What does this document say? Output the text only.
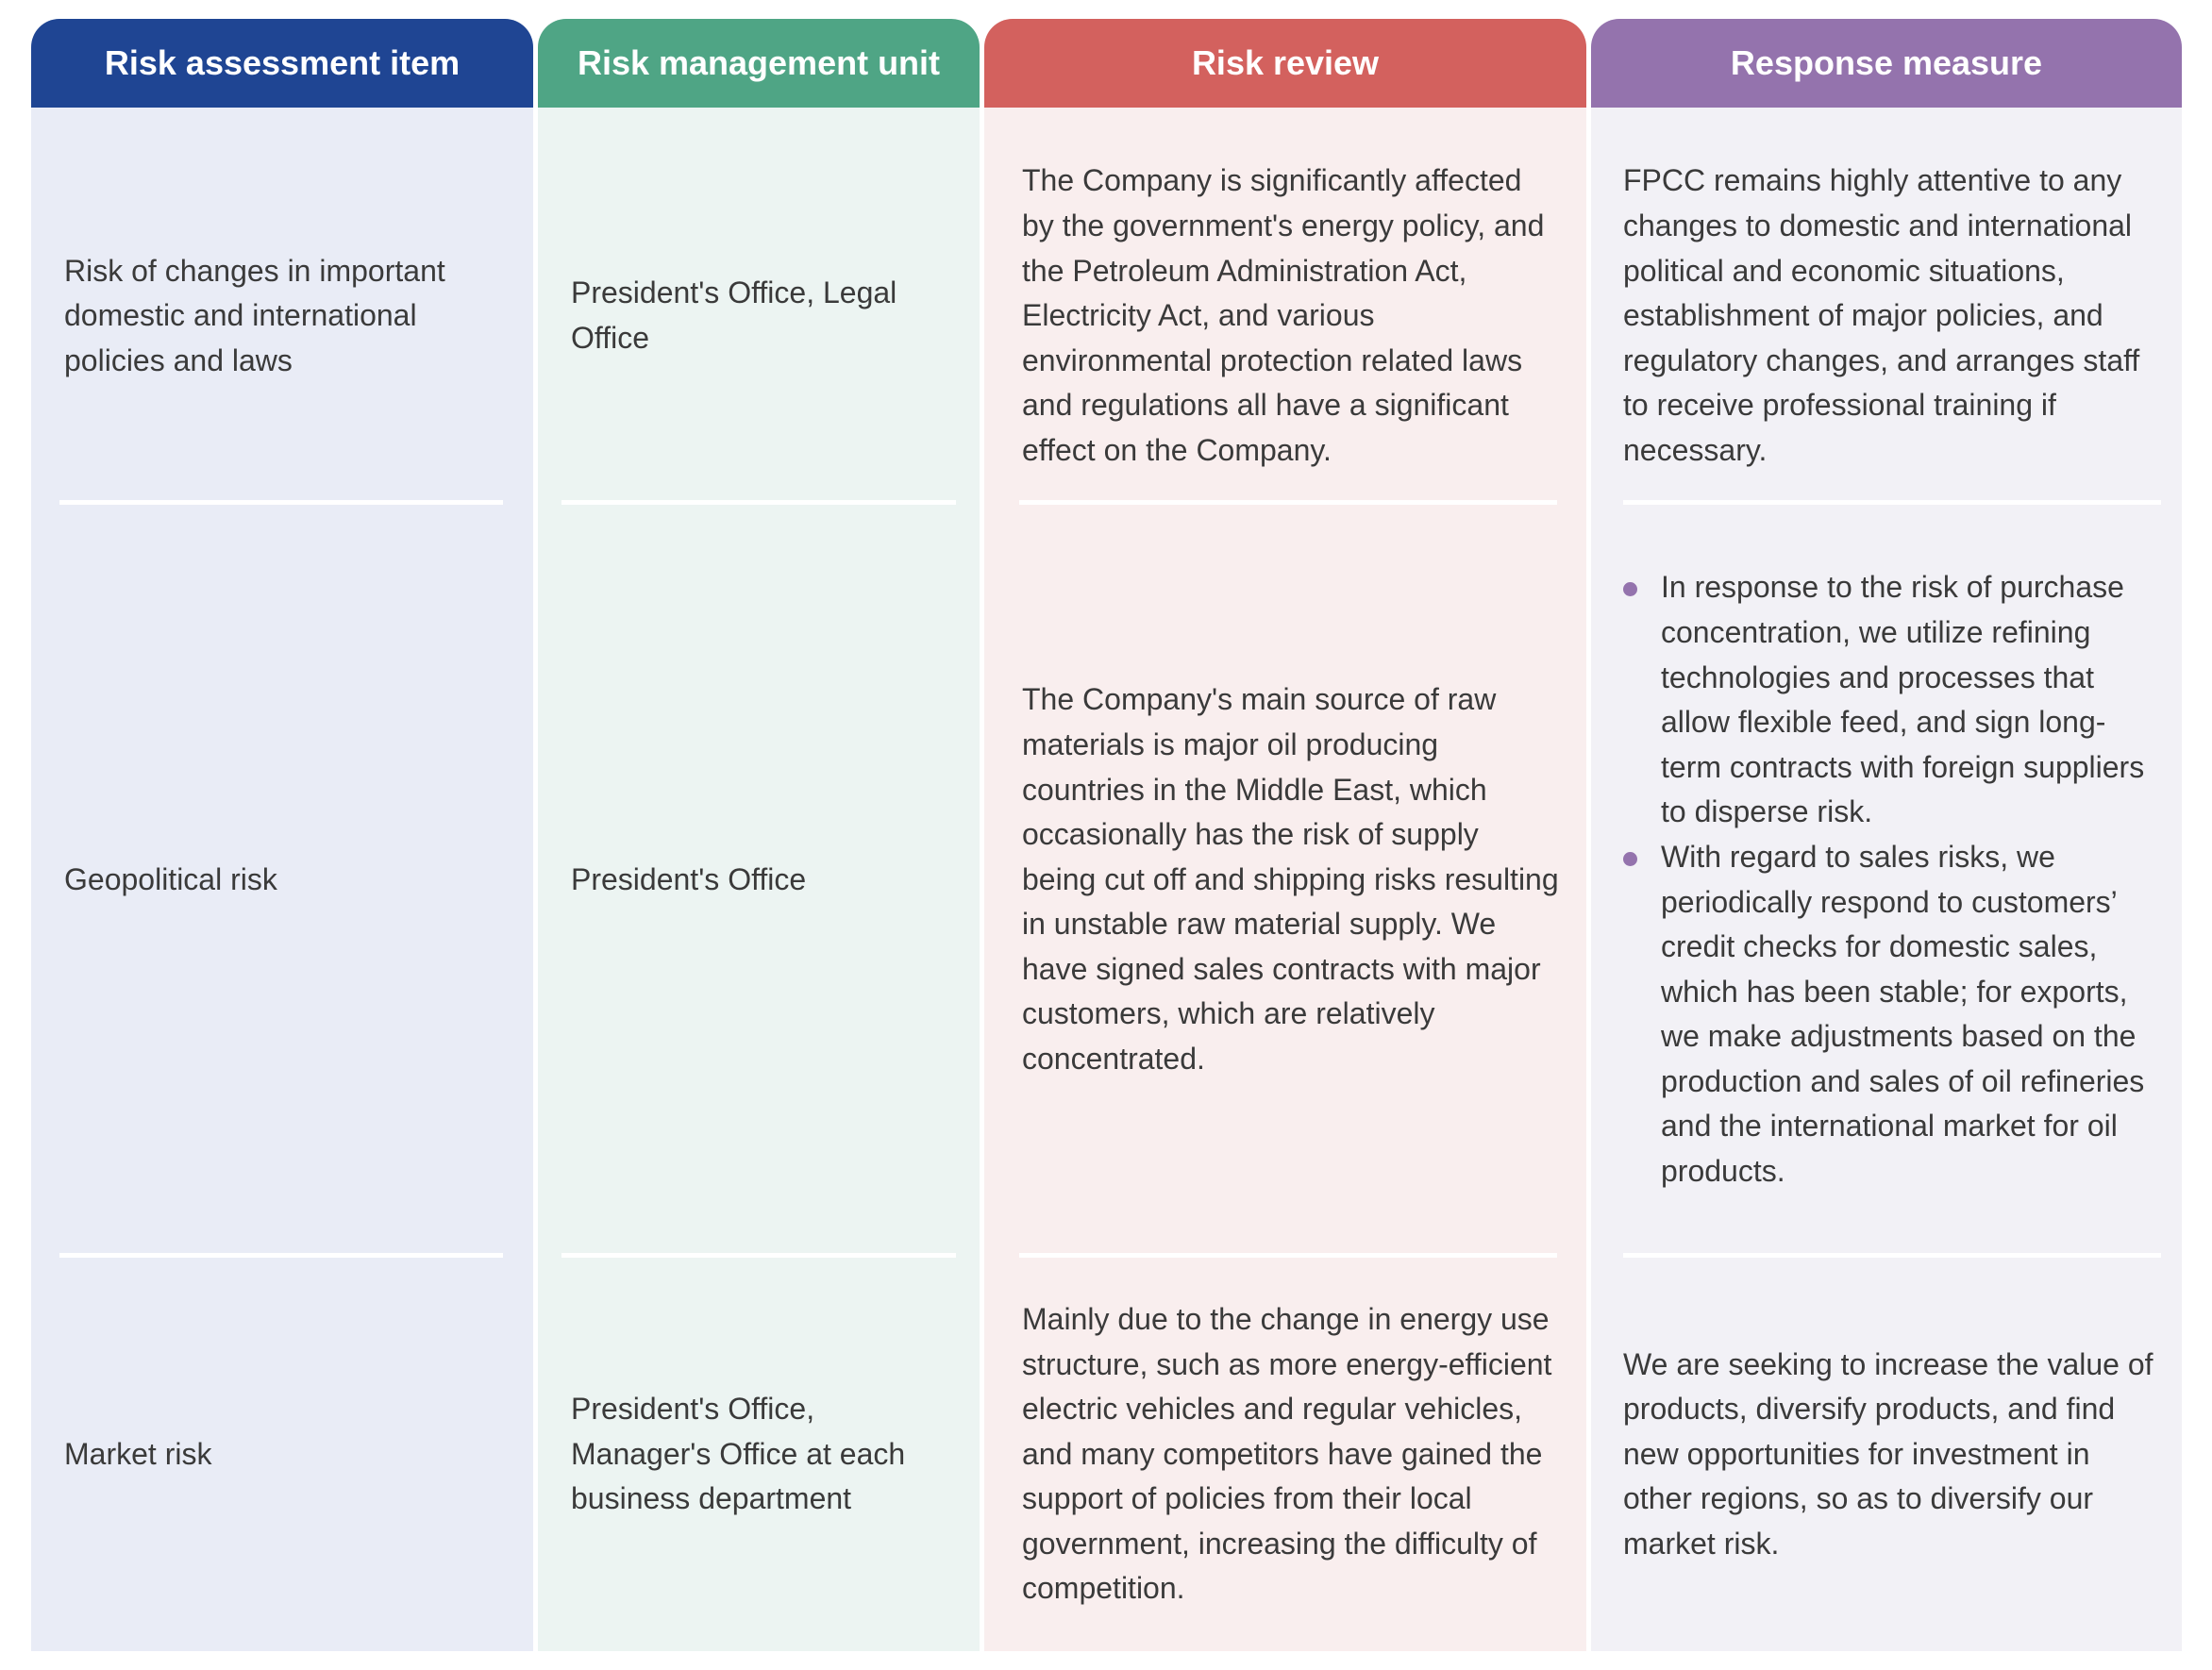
Risk assessment item
Risk of changes in important domestic and international policies and laws
Geopolitical risk
Market risk
Risk management unit
President's Office, Legal Office
President's Office
President's Office, Manager's Office at each business department
Risk review
The Company is significantly affected by the government's energy policy, and the Petroleum Administration Act, Electricity Act, and various environmental protection related laws and regulations all have a significant effect on the Company.
The Company's main source of raw materials is major oil producing countries in the Middle East, which occasionally has the risk of supply being cut off and shipping risks resulting in unstable raw material supply. We have signed sales contracts with major customers, which are relatively concentrated.
Mainly due to the change in energy use structure, such as more energy-efficient electric vehicles and regular vehicles, and many competitors have gained the support of policies from their local government, increasing the difficulty of competition.
Response measure
FPCC remains highly attentive to any changes to domestic and international political and economic situations, establishment of major policies, and regulatory changes, and arranges staff to receive professional training if necessary.
In response to the risk of purchase concentration, we utilize refining technologies and processes that allow flexible feed, and sign long-term contracts with foreign suppliers to disperse risk.
With regard to sales risks, we periodically respond to customers’ credit checks for domestic sales, which has been stable; for exports, we make adjustments based on the production and sales of oil refineries and the international market for oil products.
We are seeking to increase the value of products, diversify products, and find new opportunities for investment in other regions, so as to diversify our market risk.
